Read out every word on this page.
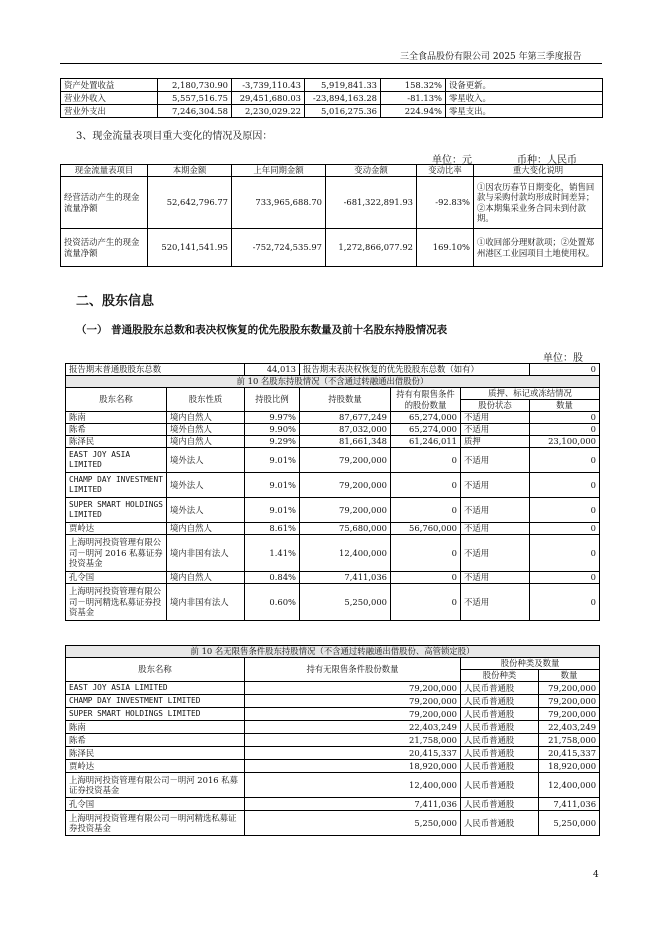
三全食品股份有限公司 2025 年第三季度报告
资产处置收益	2,180,730.90	-3,739,110.43	5,919,841.33	158.32%	设备更新。
营业外收入	5,557,516.75	29,451,680.03	-23,894,163.28	-81.13%	零星收入。
营业外支出	7,246,304.58	2,230,029.22	5,016,275.36	224.94%	零星支出。
3、现金流量表项目重大变化的情况及原因：
单位：元	币种：人民币
现金流量表项目	本期金额	上年同期金额	变动金额	变动比率	重大变化说明
经营活动产生的现金流量净额	52,642,796.77	733,965,688.70	-681,322,891.93	-92.83%	①因农历春节日期变化，销售回款与采购付款均形成时间差异；②本期集采业务合同未到付款期。
投资活动产生的现金流量净额	520,141,541.95	-752,724,535.97	1,272,866,077.92	169.10%	①收回部分理财款项；②处置郑州港区工业园项目土地使用权。
二、股东信息
（一） 普通股股东总数和表决权恢复的优先股股东数量及前十名股东持股情况表
单位：股
报告期末普通股股东总数		44,013	报告期末表决权恢复的优先股股东总数（如有）			0
前 10 名股东持股情况（不含通过转融通出借股份）						
股东名称	股东性质	持股比例	持股数量	持有有限售条件的股份数量	质押、标记或冻结情况	
					股份状态	数量
陈南	境内自然人	9.97%	87,677,249	65,274,000	不适用	0
陈希	境外自然人	9.90%	87,032,000	65,274,000	不适用	0
陈泽民	境内自然人	9.29%	81,661,348	61,246,011	质押	23,100,000
EAST JOY ASIA LIMITED	境外法人	9.01%	79,200,000	0	不适用	0
CHAMP DAY INVESTMENT LIMITED	境外法人	9.01%	79,200,000	0	不适用	0
SUPER SMART HOLDINGS LIMITED	境外法人	9.01%	79,200,000	0	不适用	0
贾岭达	境内自然人	8.61%	75,680,000	56,760,000	不适用	0
上海明河投资管理有限公司－明河 2016 私募证券投资基金	境内非国有法人	1.41%	12,400,000	0	不适用	0
孔令国	境内自然人	0.84%	7,411,036	0	不适用	0
上海明河投资管理有限公司－明河精选私募证券投资基金	境内非国有法人	0.60%	5,250,000	0	不适用	0
前 10 名无限售条件股东持股情况（不含通过转融通出借股份、高管锁定股）			
股东名称	持有无限售条件股份数量	股份种类及数量	
		股份种类	数量
EAST JOY ASIA LIMITED	79,200,000	人民币普通股	79,200,000
CHAMP DAY INVESTMENT LIMITED	79,200,000	人民币普通股	79,200,000
SUPER SMART HOLDINGS LIMITED	79,200,000	人民币普通股	79,200,000
陈南	22,403,249	人民币普通股	22,403,249
陈希	21,758,000	人民币普通股	21,758,000
陈泽民	20,415,337	人民币普通股	20,415,337
贾岭达	18,920,000	人民币普通股	18,920,000
上海明河投资管理有限公司－明河 2016 私募证券投资基金	12,400,000	人民币普通股	12,400,000
孔令国	7,411,036	人民币普通股	7,411,036
上海明河投资管理有限公司－明河精选私募证券投资基金	5,250,000	人民币普通股	5,250,000
4
